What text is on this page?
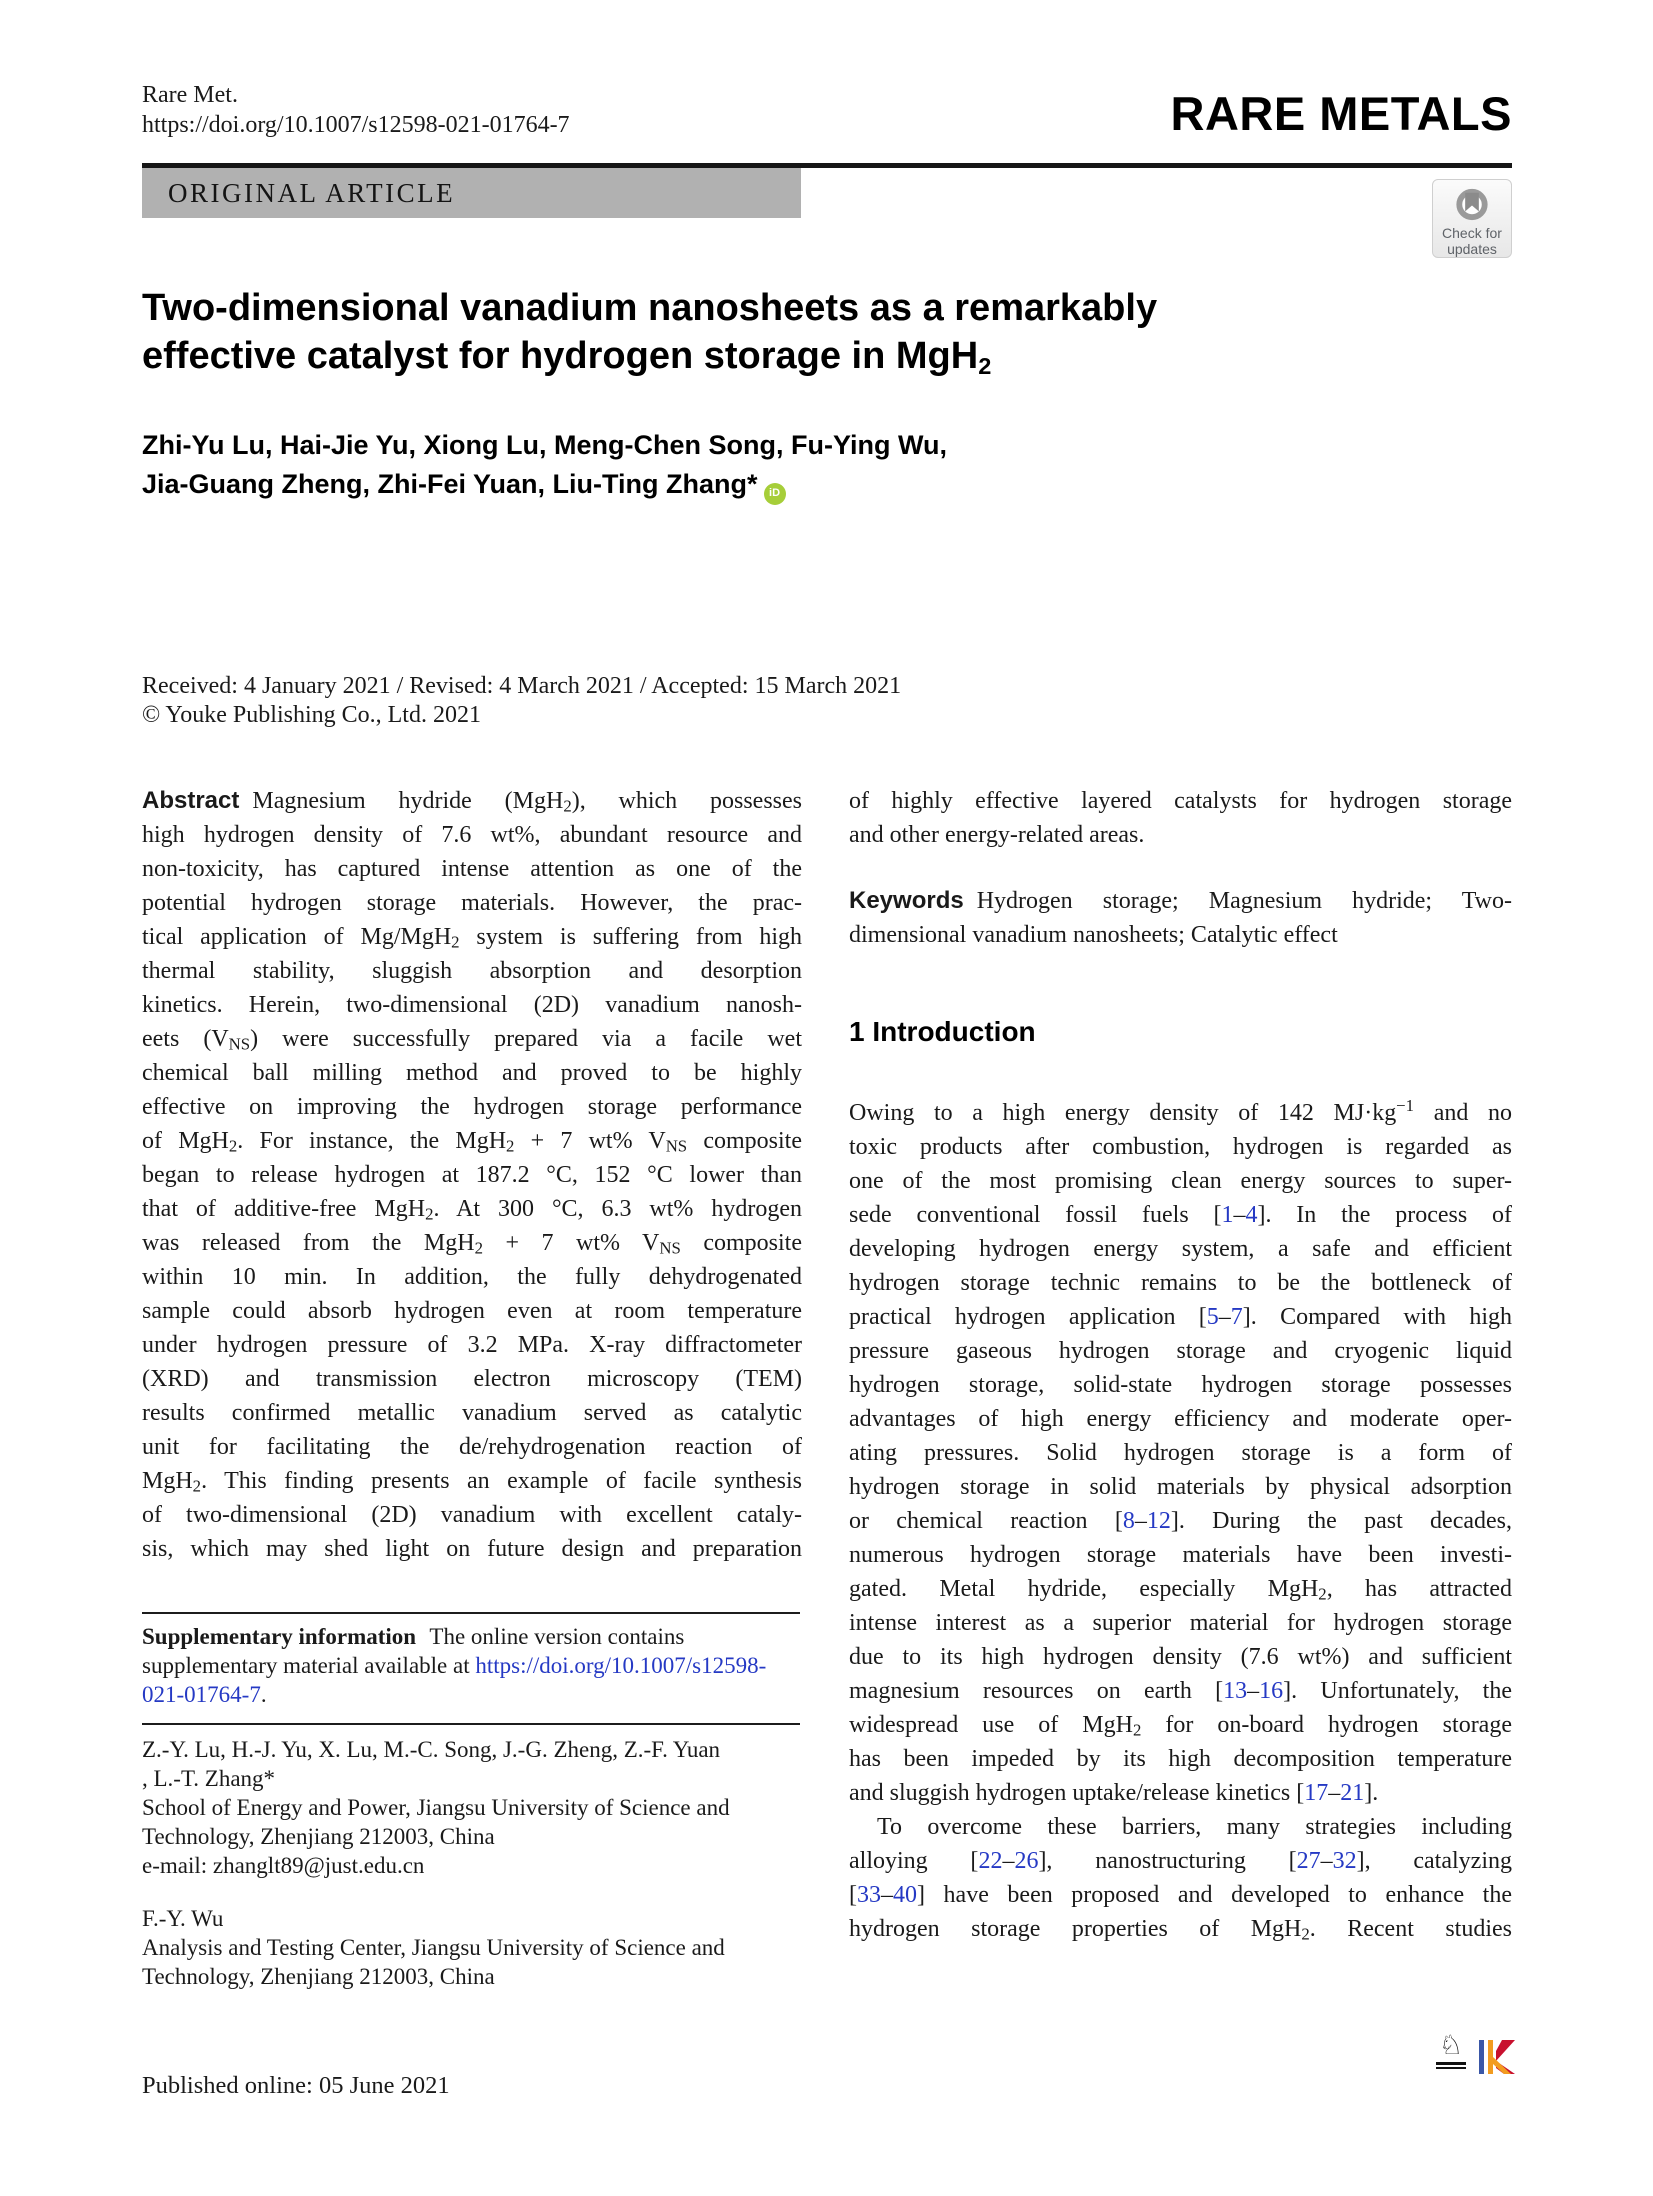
Rare Met.
https://doi.org/10.1007/s12598-021-01764-7	RARE METALS
ORIGINAL ARTICLE
Check for
updates
Two-dimensional vanadium nanosheets as a remarkably
effective catalyst for hydrogen storage in MgH$_2$
Zhi-Yu Lu, Hai-Jie Yu, Xiong Lu, Meng-Chen Song, Fu-Ying Wu,
Jia-Guang Zheng, Zhi-Fei Yuan, Liu-Ting Zhang* iD
Received: 4 January 2021 / Revised: 4 March 2021 / Accepted: 15 March 2021
© Youke Publishing Co., Ltd. 2021
Abstract Magnesium hydride (MgH$_2$), which possesses
high hydrogen density of 7.6 wt%, abundant resource and
non-toxicity, has captured intense attention as one of the
potential hydrogen storage materials. However, the prac-
tical application of Mg/MgH$_2$ system is suffering from high
thermal stability, sluggish absorption and desorption
kinetics. Herein, two-dimensional (2D) vanadium nanosh-
eets $(V_{NS})$ were successfully prepared via a facile wet
chemical ball milling method and proved to be highly
effective on improving the hydrogen storage performance
of MgH$_2$. For instance, the MgH$_2$ + 7 wt% $V_{NS}$ composite
began to release hydrogen at 187.2 °C, 152 °C lower than
that of additive-free MgH$_2$. At 300 °C, 6.3 wt% hydrogen
was released from the MgH$_2$ + 7 wt% $V_{NS}$ composite
within 10 min. In addition, the fully dehydrogenated
sample could absorb hydrogen even at room temperature
under hydrogen pressure of 3.2 MPa. X-ray diffractometer
(XRD) and transmission electron microscopy (TEM)
results confirmed metallic vanadium served as catalytic
unit for facilitating the de/rehydrogenation reaction of
MgH$_2$. This finding presents an example of facile synthesis
of two-dimensional (2D) vanadium with excellent cataly-
sis, which may shed light on future design and preparation
of highly effective layered catalysts for hydrogen storage
and other energy-related areas.
Keywords Hydrogen storage; Magnesium hydride; Two-
dimensional vanadium nanosheets; Catalytic effect
1 Introduction
Owing to a high energy density of 142 $MJ\cdot kg^{-1}$ and no
toxic products after combustion, hydrogen is regarded as
one of the most promising clean energy sources to super-
sede conventional fossil fuels [1–4]. In the process of
developing hydrogen energy system, a safe and efficient
hydrogen storage technic remains to be the bottleneck of
practical hydrogen application [5–7]. Compared with high
pressure gaseous hydrogen storage and cryogenic liquid
hydrogen storage, solid-state hydrogen storage possesses
advantages of high energy efficiency and moderate oper-
ating pressures. Solid hydrogen storage is a form of
hydrogen storage in solid materials by physical adsorption
or chemical reaction [8–12]. During the past decades,
numerous hydrogen storage materials have been investi-
gated. Metal hydride, especially MgH$_2$, has attracted
intense interest as a superior material for hydrogen storage
due to its high hydrogen density (7.6 wt%) and sufficient
magnesium resources on earth [13–16]. Unfortunately, the
widespread use of MgH$_2$ for on-board hydrogen storage
has been impeded by its high decomposition temperature
and sluggish hydrogen uptake/release kinetics [17–21].
To overcome these barriers, many strategies including
alloying [22–26], nanostructuring [27–32], catalyzing
[33–40] have been proposed and developed to enhance the
hydrogen storage properties of MgH$_2$. Recent studies
Supplementary information The online version contains
supplementary material available at https://doi.org/10.1007/s12598-
021-01764-7.
Z.-Y. Lu, H.-J. Yu, X. Lu, M.-C. Song, J.-G. Zheng, Z.-F. Yuan
, L.-T. Zhang*
School of Energy and Power, Jiangsu University of Science and
Technology, Zhenjiang 212003, China
e-mail: zhanglt89@just.edu.cn
F.-Y. Wu
Analysis and Testing Center, Jiangsu University of Science and
Technology, Zhenjiang 212003, China
Published online: 05 June 2021
♘
